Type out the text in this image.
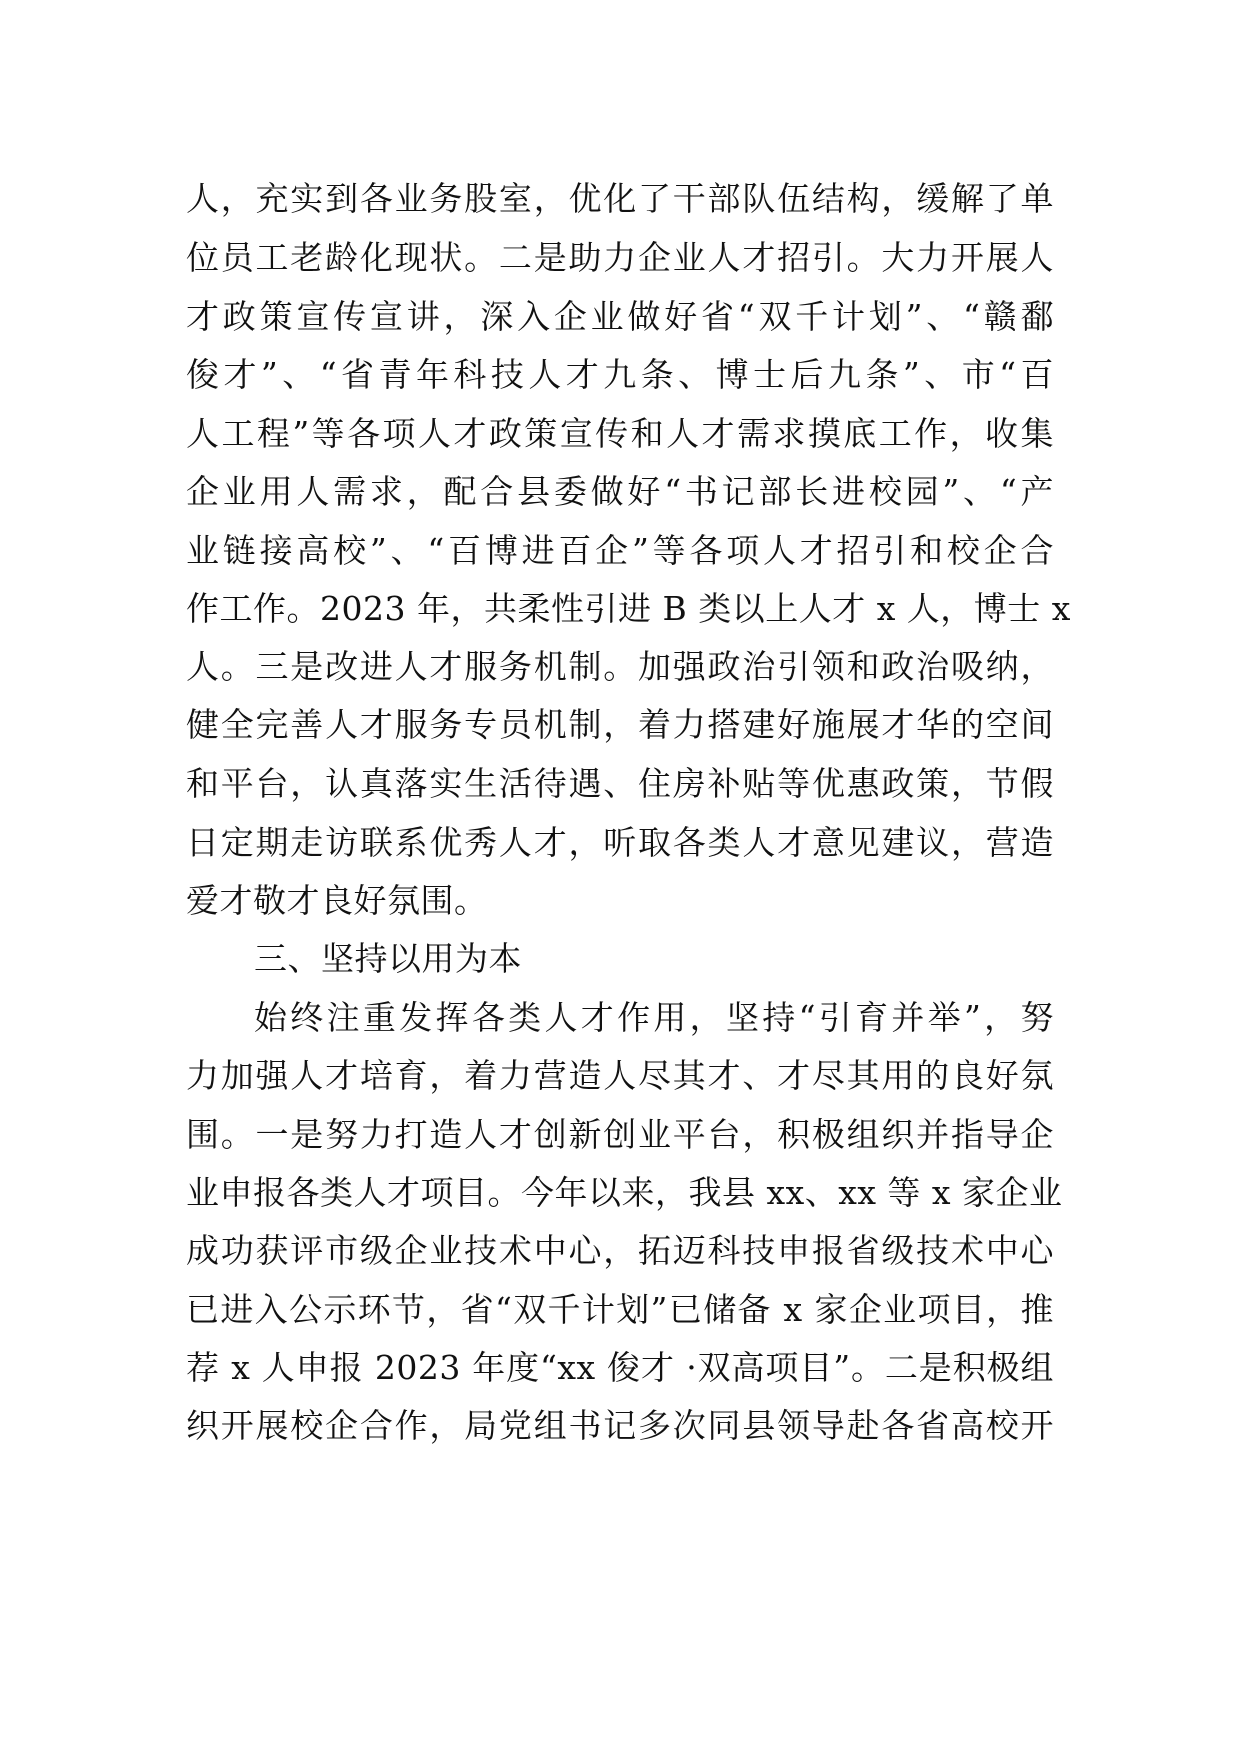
人，充实到各业务股室，优化了干部队伍结构，缓解了单
位员工老龄化现状。二是助力企业人才招引。大力开展人
才政策宣传宣讲，深入企业做好省“双千计划”、“赣鄱
俊才”、“省青年科技人才九条、博士后九条”、市“百
人工程”等各项人才政策宣传和人才需求摸底工作，收集
企业用人需求，配合县委做好“书记部长进校园”、“产
业链接高校”、“百博进百企”等各项人才招引和校企合
作工作。2023 年，共柔性引进 B 类以上人才 x 人，博士 x
人。三是改进人才服务机制。加强政治引领和政治吸纳，
健全完善人才服务专员机制，着力搭建好施展才华的空间
和平台，认真落实生活待遇、住房补贴等优惠政策，节假
日定期走访联系优秀人才，听取各类人才意见建议，营造
爱才敬才良好氛围。
三、坚持以用为本
始终注重发挥各类人才作用，坚持“引育并举”，努
力加强人才培育，着力营造人尽其才、才尽其用的良好氛
围。一是努力打造人才创新创业平台，积极组织并指导企
业申报各类人才项目。今年以来，我县 xx、xx 等 x 家企业
成功获评市级企业技术中心，拓迈科技申报省级技术中心
已进入公示环节，省“双千计划”已储备 x 家企业项目，推
荐 x 人申报 2023 年度“xx 俊才 ·双高项目”。二是积极组
织开展校企合作，局党组书记多次同县领导赴各省高校开
